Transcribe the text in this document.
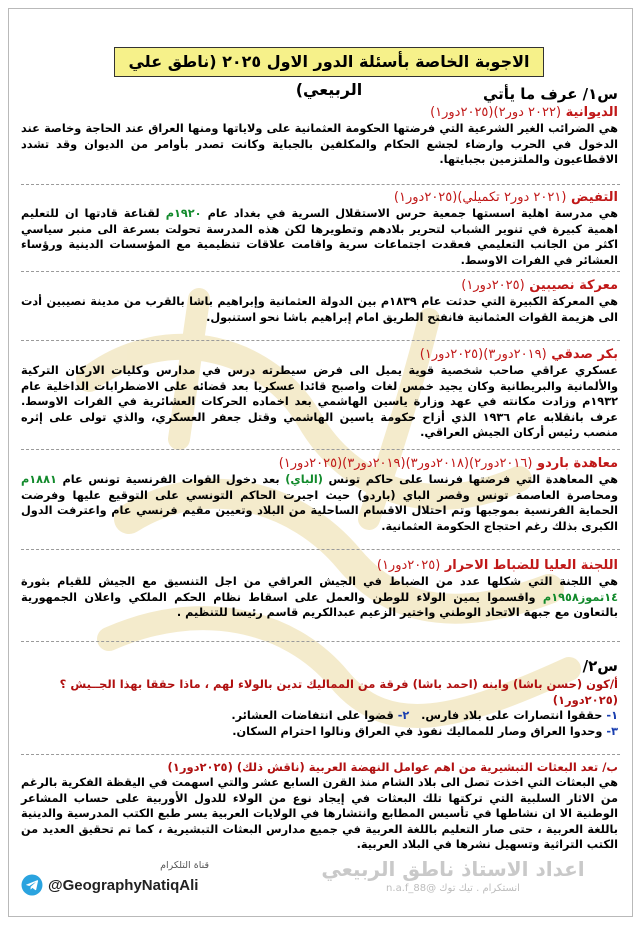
الاجوبة الخاصة بأسئلة الدور الاول ٢٠٢٥ (ناطق علي الربيعي)	س١/ عرف ما يأتي
الديوانية (٢٠٢٢ دور٢)(٢٠٢٥دور١)
هي الضرائب الغير الشرعية التي فرضتها الحكومة العثمانية على ولاياتها ومنها العراق عند الحاجة وخاصة عند الدخول في الحرب وارضاء لجشع الحكام والمكلفين بالجباية وكانت تصدر بأوامر من الديوان وقد تشدد الاقطاعيون والملتزمين بجبايتها.
التفيض (٢٠٢١ دور٢ تكميلي)(٢٠٢٥دور١)
هي مدرسة اهلية اسستها جمعية حرس الاستقلال السرية في بغداد عام ١٩٢٠م لقناعة قادتها ان للتعليم اهمية كبيرة في تنوير الشباب لتحرير بلادهم وتطويرها لكن هذه المدرسة تحولت بسرعة الى منبر سياسي اكثر من الجانب التعليمي فعقدت اجتماعات سرية واقامت علاقات تنظيمية مع المؤسسات الدينية ورؤساء العشائر في الفرات الاوسط.
معركة نصيبين (٢٠٢٥دور١)
هي المعركة الكبيرة التي حدثت عام ١٨٣٩م بين الدولة العثمانية وإبراهيم باشا بالقرب من مدينة نصيبين أدت الى هزيمة القوات العثمانية فانفتح الطريق امام إبراهيم باشا نحو استنبول.
بكر صدقي (٢٠١٩دور٣)(٢٠٢٥دور١)
عسكري عراقي صاحب شخصية قوية يميل الى فرض سيطرته درس في مدارس وكليات الاركان التركية والألمانية والبريطانية وكان يجيد خمس لغات واصبح قائدا عسكريا بعد قضائه على الاضطرابات الداخلية عام ١٩٣٢م وزادت مكانته في عهد وزارة ياسين الهاشمي بعد اخماده الحركات العشائرية في الفرات الاوسط. عرف بانقلابه عام ١٩٣٦ الذي أزاح حكومة ياسين الهاشمي وقتل جعفر العسكري، والذي تولى على إثره منصب رئيس أركان الجيش العراقي.
معاهدة باردو (٢٠١٦دور٢)(٢٠١٨دور٣)(٢٠١٩دور٣)(٢٠٢٥دور١)
هي المعاهدة التي فرضتها فرنسا على حاكم تونس (الباي) بعد دخول القوات الفرنسية تونس عام ١٨٨١م ومحاصرة العاصمة تونس وقصر الباي (باردو) حيث اجبرت الحاكم التونسي على التوقيع عليها وفرضت الحماية الفرنسية بموجبها وتم احتلال الاقسام الساحلية من البلاد وتعيين مقيم فرنسي عام واعترفت الدول الكبرى بذلك رغم احتجاج الحكومة العثمانية.
اللجنة العليا للضباط الاحرار (٢٠٢٥دور١)
هي اللجنة التي شكلها عدد من الضباط في الجيش العراقي من اجل التنسيق مع الجيش للقيام بثورة ١٤تموز١٩٥٨م واقسموا يمين الولاء للوطن والعمل على اسقاط نظام الحكم الملكي واعلان الجمهورية بالتعاون مع جبهة الاتحاد الوطني واختير الزعيم عبدالكريم قاسم رئيسا للتنظيم .
س٢/
أ/كون (حسن باشا) وابنه (احمد باشا) فرقة من المماليك تدين بالولاء لهم ، ماذا حققا بهذا الجــيش ؟ (٢٠٢٥دور١)
١- حققوا انتصارات على بلاد فارس.   ٢- قضوا على انتفاضات العشائر.
٣- وحدوا العراق وصار للمماليك نفوذ في العراق ونالوا احترام السكان.
ب/ تعد البعثات التبشيرية من اهم عوامل النهضة العربية (ناقش ذلك) (٢٠٢٥دور١)
هي البعثات التي اخذت تصل الى بلاد الشام منذ القرن السابع عشر والتي اسهمت في اليقظة الفكرية بالرغم من الاثار السلبية التي تركتها تلك البعثات في إيجاد نوع من الولاء للدول الأوربية على حساب المشاعر الوطنية الا ان نشاطها في تأسيس المطابع وانتشارها في الولايات العربية يسر طبع الكتب المدرسية والدينية باللغة العربية ، حتى صار التعليم باللغة العربية في جميع مدارس البعثات التبشيرية ، كما تم تحقيق العديد من الكتب التراثية وتسهيل نشرها في البلاد العربية.
اعداد الاستاذ ناطق الربيعي
انستكرام . تيك توك @n.a.f_88
قناة التلكرام
@GeographyNatiqAli
